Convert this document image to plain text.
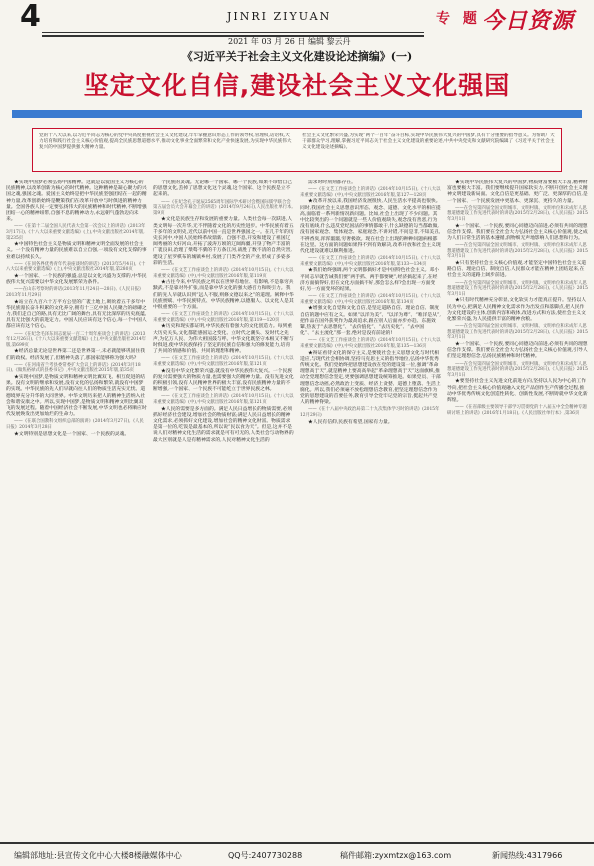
4	JINRI ZIYUAN	专 题 今日资源
2021 年 03 月 26 日 编辑 黎云丹
《习近平关于社会主义文化建设论述摘编》(一)
坚定文化自信,建设社会主义文化强国

党的十八大以来,以习近平同志为核心的党中央高度重视社会主义文化建设,牢牢掌握意识形态工作的领导权,管理权,话语权,大力培育和践行社会主义核心价值观,提高全民族思想道德水平,推动文化事业全面繁荣和文化产业快速发展,为实现中华民族伟大复兴的中国梦提供强大精神力量。

社会主义文化繁荣兴盛,为实现“两个一百年”奋斗目标,实现中华民族伟大复兴的中国梦,具有十分重要的指导意义。为帮助广大干部群众学习,理解,掌握习近平同志关于社会主义文化建设的重要论述,中共中央党史和文献研究院编辑了《习近平关于社会主义文化建设论述摘编》。

★实现中国梦必须弘扬中国精神。这就是以爱国主义为核心的民族精神,以改革创新为核心的时代精神。这种精神是凝心聚力的兴国之魂,强国之魂。爱国主义始终是把中华民族坚强团结在一起的精神力量,改革创新始终是鞭策我们在改革开放中与时俱进的精神力量。全国各族人民一定要弘扬伟大的民族精神和时代精神,不断增强团结一心的精神纽带,自强不息的精神动力,永远朝气蓬勃迈向未来。

——《在第十二届全国人民代表大会第一次会议上的讲话》(2013年3月17日),《十八大以来重要文献选编》(上),中央文献出版社2014年版,第235页

★中国特色社会主义是物质文明和精神文明全面发展的社会主义。一个没有精神力量的民族难以自立自强,一项没有文化支撑的事业难以持续长久。

——《在同各界优秀青年代表座谈时的讲话》(2013年5月4日),《十八大以来重要文献选编》(上),中央文献出版社2014年版,第280页

★一个国家、一个民族的强盛,总是以文化兴盛为支撑的,中华民族伟大复兴需要以中华文化发展繁荣为条件。

——在山东考察时的讲话(2013年11月24日—28日),《人民日报》2013年11月29日

★站立在九百六十万平方公里的广袤土地上,吸吮着五千多年中华民族漫长奋斗积累的文化养分,拥有十三亿中国人民聚合的磅礴之力,我们走自己的路,具有无比广阔的舞台,具有无比深厚的历史底蕴,具有无比强大的前进定力。中国人民应该有这个信心,每一个中国人都应该有这个信心。

——《在纪念毛泽东同志诞辰一百二十周年座谈会上的讲话》(2013年12月26日),《十八大以来重要文献选编》(上),中央文献出版社2014年版,第699页

★经济总量无论是世界第二还是世界第一,未必就能够巩固住我们的政权。经济发展了,但精神失落了,那国家能够称为强大吗?

——《在河南省兰考县委常委扩大会议上的讲话》(2014年3月18日),《做焦裕禄式的县委书记》,中央文献出版社2015年版,第35页

★实现中国梦,是物质文明和精神文明比翼双飞、相互促进的结果。没有文明的继承和发展,没有文化的弘扬和繁荣,就没有中国梦的实现。中华民族的先人们早就向往人们的物质生活充实无忧、道德境界充分升华的大同世界。中华文明历来把人的精神生活纳入社会和谐安康之中。所以,实现中国梦,是物质文明和精神文明比翼双飞的发展过程。随着中国经济社会不断发展,中华文明也必将顺应时代发展焕发出更加灿烂的生命力。

——《在联合国教科文组织总部的演讲》(2014年3月27日),《人民日报》2014年3月28日

★文明特别是思想文化是一个国家、一个民族的灵魂。

个民族的灵魂。无论哪一个国家、哪一个民族,如果不珍惜自己的思想文化,丢掉了思想文化这个灵魂,这个国家、这个民族是立不起来的。

——《在纪念孔子诞辰2565周年国际学术研讨会暨国际儒学联合会第五届会员大会开幕会上的讲话》(2014年9月24日),人民出版社单行本,第9页

★文化是民族生存和发展的重要力量。人类社会每一次跃进,人类文明每一次升华,无不伴随着文化的历史性进步。中华民族有着五千多年的文明史,近代以前中国一直是世界强国之一。在几千年的历史长河中,中国人民始终革故鼎新、自强不息,开发和建设了祖国辽阔秀丽的大好河山,开拓了波涛万顷的辽阔海疆,开垦了物产丰富的广袤良田,治理了桀骜不驯的千万条江河,战胜了数不清的自然灾害,建设了星罗棋布的城镇乡村,发展了门类齐全的产业,形成了多姿多彩的生活。

——《在文艺工作座谈会上的讲话》(2014年10月15日),《十八大以来重要文献选编》(中),中央文献出版社2016年版,第119页

★古往今来,中华民族之所以在世界有地位、有影响,不是靠穷兵黩武,不是靠对外扩张,而是靠中华文化的强大感召力和吸引力。我们的先人早就认识到“远人不服,则修文德以来之”的道理。阐释中华民族禀赋、中华民族特点、中华民族精神,以德服人、以文化人是其中很重要的一个方面。

——《在文艺工作座谈会上的讲话》(2014年10月15日),《十八大以来重要文献选编》(中),中央文献出版社2016年版,第119—120页

★历史和现实都证明,中华民族有着强大的文化创造力。每到重大历史关头,文化都能感国运之变化、立时代之潮头、发时代之先声,为亿万人民、为伟大祖国鼓与呼。中华文化既坚守本根又不断与时俱进,使中华民族保持了坚定的民族自信和强大的修复能力,培育了共同的情感和价值、共同的理想和精神。

——《在文艺工作座谈会上的讲话》(2014年10月15日),《十八大以来重要文献选编》(中),中央文献出版社2016年版,第121页

★没有中华文化繁荣兴盛,就没有中华民族伟大复兴。一个民族的复兴需要强大的物质力量,也需要强大的精神力量。没有先进文化的积极引领,没有人民精神世界的极大丰富,没有民族精神力量的不断增强,一个国家、一个民族不可能屹立于世界民族之林。

——《在文艺工作座谈会上的讲话》(2014年10月15日),《十八大以来重要文献选编》(中),中央文献出版社2016年版,第121页

★人民的需要是多方面的。满足人民日益增长的物质需要,必须抓好经济社会建设,增加社会的物质财富;满足人民日益增长的精神文化需求,必须抓好文化建设,增加社会的精神文化财富。物质需求是第一位的,吃饭是最基本的,所以说“民以食为天”。但是,这并不是说人们对精神文化生活的需求就是可有可无的,人类社会与动物界的最大区别就是人是有精神需求的,人民对精神文化生活的

需求时时刻刻都存在。

——《在文艺工作座谈会上的讲话》(2014年10月15日),《十八大以来重要文献选编》(中),中央文献出版社2016年版,第127—128页

★改革开放以来,我国经济发展很快,人民生活水平提高也很快。同时,我国社会主义思想意识形态、观念、道德、文化水平的相应提高,面临着一系列新情况新问题。比如,社会上出现了不少问题。其中比较突出的一个问题就是一些人价值观缺失,观念没有善恶,行为没有底线,什么违反党纪国法的事情都敢干,什么缺德的勾当都敢做,没有国家观念、集体观念、家庭观念,不讲对错,不问是非,不知美丑,不辨香臭,浑浑噩噩,穷奢极欲。现在社会上出现的种种问题病根都在这里。这方面的问题如果得不到有效解决,改革开放和社会主义现代化建设就难以顺利推进。

——《在文艺工作座谈会上的讲话》(2014年10月15日),《十八大以来重要文献选编》(中),中央文献出版社2016年版,第133—134页

★我们始终强调,两个文明都搞好才是中国特色社会主义。邓小平同志早就告诫我们要“两手抓、两手都要硬”,经济搞起来了,在经济方面搞得好,但在文化方面搞不好,那会怎么样?会出现一方面变好,另一方面变坏的结果。

——《在文艺工作座谈会上的讲话》(2014年10月15日),《十八大以来重要文献选编》(中),中央文献出版社2016年版,第134页

★增强文化自觉和文化自信,是坚定道路自信、理论自信、制度自信的题中应有之义。如果“以洋为美”、“以洋为尊”、“唯洋是从”,把作品在国外获奖作为最高追求,跟在别人后面亦步亦趋、东施效颦,热衷于“去思想化”、“去价值化”、“去历史化”、“去中国化”、“去主流化”那一套,绝对是没有前途的!

——《在文艺工作座谈会上的讲话》(2014年10月15日),《十八大以来重要文献选编》(中),中央文献出版社2016年版,第135—136页

★辩证看待文化的保守主义,是要使社会主义思想文化与时代相适应,与现代社会相协调,坚持马克思主义的指导地位,弘扬中华优秀传统文化。我们党始终把思想建设放在党的建设第一位,强调“革命理想高于天”,就是精神上要高高举起“革命理想高于天”这面旗帜,推动全党理想信念坚定,更要强调思想建设统筹推进。如果党员、干部理想信念动摇,必然政治上变质、经济上贪婪、道德上堕落、生活上腐化。所以,我们必须毫不放松理想信念教育,把坚定理想信念作为党的思想建设的首要任务,教育引导全党牢记党的宗旨,挺起共产党人的精神脊梁。

——《在十八届中央政治局第二十九次集体学习时的讲话》(2015年12月29日)

★人民有信仰,民族有希望,国家有力量。

★实现中华民族伟大复兴的中国梦,物质财富要极大丰富,精神财富也要极大丰富。我们要继续提升国家软实力,不断开创社会主义精神文明建设新局面。文化自信是更基础、更广泛、更深厚的自信,是一个国家、一个民族发展中更基本、更深沉、更持久的力量。

——在会见第四届全国文明城市、文明村镇、文明单位和未成年人思想道德建设工作先进代表时的讲话(2015年2月28日),《人民日报》2015年3月1日

★一个国家、一个民族,要同心同德迈向前进,必须有共同的理想信念作支撑。我们要在全社会大力弘扬社会主义核心价值观,使之成为人们日常生活的基本遵循,润物细无声地影响人们思想和行为。

——在会见第四届全国文明城市、文明村镇、文明单位和未成年人思想道德建设工作先进代表时的讲话(2015年2月28日),《人民日报》2015年3月1日

★只有坚持社会主义核心价值观,才能坚定中国特色社会主义道路自信、理论自信、制度自信,人民群众才能在精神上团结起来,在社会主义的道路上阔步前进。

——在会见第四届全国文明城市、文明村镇、文明单位和未成年人思想道德建设工作先进代表时的讲话(2015年2月28日),《人民日报》2015年3月1日

★只有时代精神充分彰显,文化软实力才能真正提升。坚持以人民为中心,把满足人民精神文化需求作为出发点和落脚点,把人民作为文化建设的主体,创新内容和载体,改进方式和方法,使社会主义文化繁荣兴盛,为人民提供丰富的精神食粮。

——在会见第四届全国文明城市、文明村镇、文明单位和未成年人思想道德建设工作先进代表时的讲话(2015年2月28日),《人民日报》2015年3月1日

★一个国家、一个民族,要同心同德迈向前进,必须有共同的理想信念作支撑。我们要在全社会大力弘扬社会主义核心价值观,引导人们坚定理想信念,弘扬民族精神和时代精神。

——在会见第四届全国文明城市、文明村镇、文明单位和未成年人思想道德建设工作先进代表时的讲话(2015年2月28日),《人民日报》2015年3月1日

★要坚持社会主义先进文化前进方向,坚持以人民为中心的工作导向,把社会主义核心价值观融入文化产品创作生产传播全过程,推动中华优秀传统文化创造性转化、创新性发展,不断铸就中华文化新辉煌。

——《在省部级主要领导干部学习贯彻党的十八届五中全会精神专题研讨班上的讲话》(2016年1月18日),《人民出版社单行本》,第36页

编辑部地址:县宣传文化中心大楼8楼融媒体中心	QQ号:2407730288	稿件邮箱:zyxmtzx@163.com	新闻热线:4317966
